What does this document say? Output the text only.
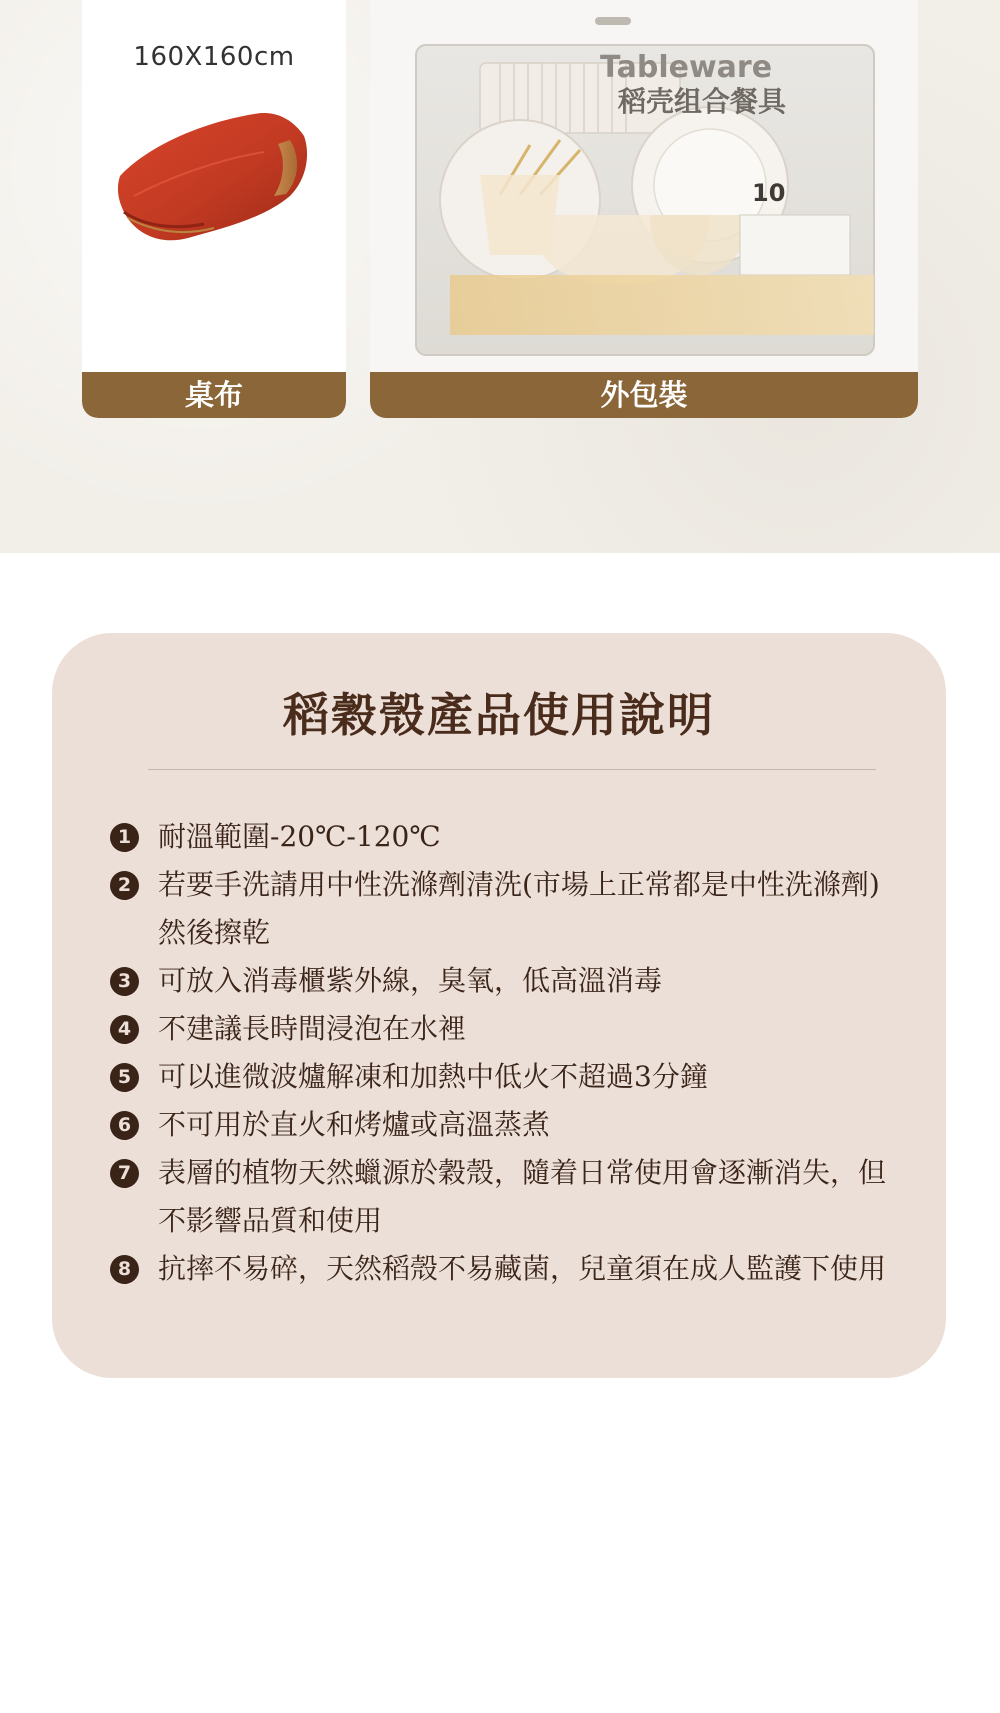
160X160cm
桌布
Tableware
稻壳组合餐具
10
外包裝
稻穀殼產品使用說明
1 耐溫範圍-20℃-120℃
2 若要手洗請用中性洗滌劑清洗(市場上正常都是中性洗滌劑) 然後擦乾
3 可放入消毒櫃紫外線，臭氧，低高溫消毒
4 不建議長時間浸泡在水裡
5 可以進微波爐解凍和加熱中低火不超過3分鐘
6 不可用於直火和烤爐或高溫蒸煮
7 表層的植物天然蠟源於穀殼，隨着日常使用會逐漸消失，但不影響品質和使用
8 抗摔不易碎，天然稻殼不易藏菌，兒童須在成人監護下使用
